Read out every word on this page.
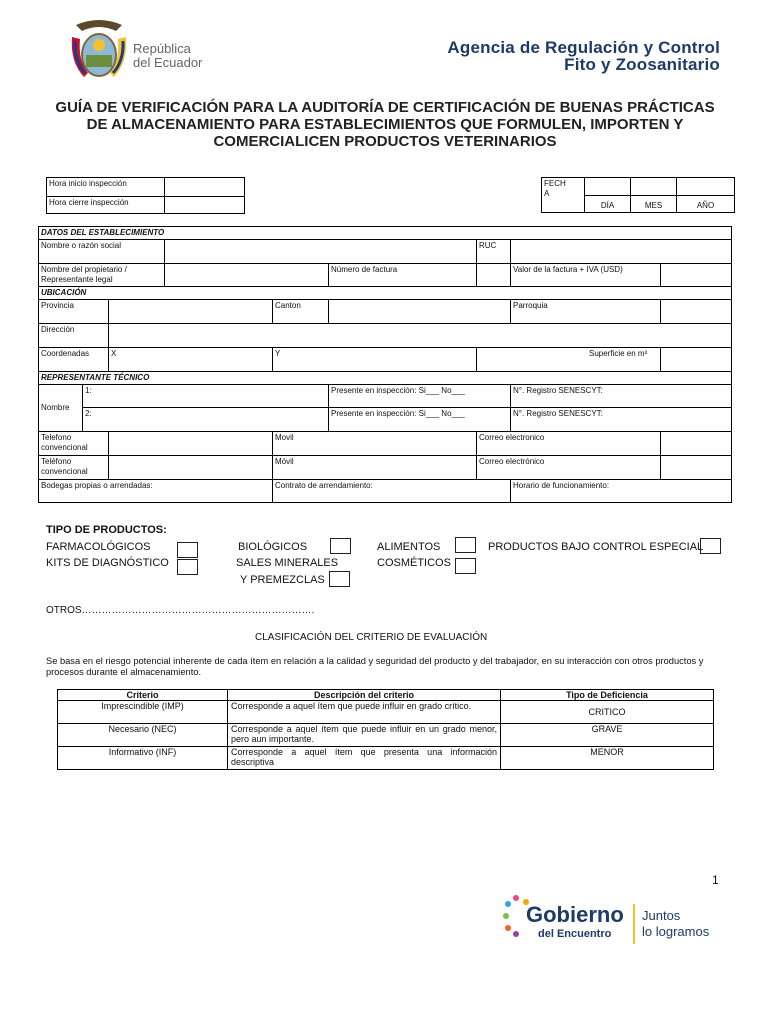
República
del Ecuador
Agencia de Regulación y Control
Fito y Zoosanitario
GUÍA DE VERIFICACIÓN PARA LA AUDITORÍA DE CERTIFICACIÓN DE BUENAS PRÁCTICAS
DE ALMACENAMIENTO PARA ESTABLECIMIENTOS QUE FORMULEN, IMPORTEN Y
COMERCIALICEN PRODUCTOS VETERINARIOS
Hora inicio inspección	
Hora cierre inspección	
FECH
A			
	DÍA	MES	AÑO
DATOS DEL ESTABLECIMIENTO								
Nombre o razón social						RUC		
Nombre del propietario / Representante legal					Número de factura		Valor de la factura + IVA (USD)	
UBICACIÓN								
Provincia				Canton			Parroquia	
Dirección								
Coordenadas X				Y		Superficie en m²		
REPRESENTANTE TÉCNICO								
Nombre	1:				Presente en inspección: Si___ No___		N°. Registro SENESCYT:	
	2:				Presente en inspección: Si___ No___		N°. Registro SENESCYT:	
Telefono convencional				Movil		Correo electronico		
Teléfono convencional				Móvil		Correo electrónico		
Bodegas propias o arrendadas:				Contrato de arrendamiento:			Horario de funcionamiento:	
TIPO DE PRODUCTOS:
FARMACOLÓGICOS	BIOLÓGICOS	ALIMENTOS	PRODUCTOS BAJO CONTROL ESPECIAL
KITS DE DIAGNÓSTICO	SALES MINERALES	COSMÉTICOS
Y PREMEZCLAS
OTROS…………………………………………………………….
CLASIFICACIÓN DEL CRITERIO DE EVALUACIÓN
Se basa en el riesgo potencial inherente de cada ítem en relación a la calidad y seguridad del producto y del trabajador, en su interacción con otros productos y procesos durante el almacenamiento.
Criterio	Descripción del criterio	Tipo de Deficiencia
Imprescindible (IMP)	Corresponde a aquel ítem que puede influir en grado crítico.	CRITICO
Necesario (NEC)	Corresponde a aquel ítem que puede influir en un grado menor, pero aun importante.	GRAVE
Informativo (INF)	Corresponde a aquel ítem que presenta una información descriptiva	MENOR
1
Gobierno
del Encuentro
Juntos
lo logramos
